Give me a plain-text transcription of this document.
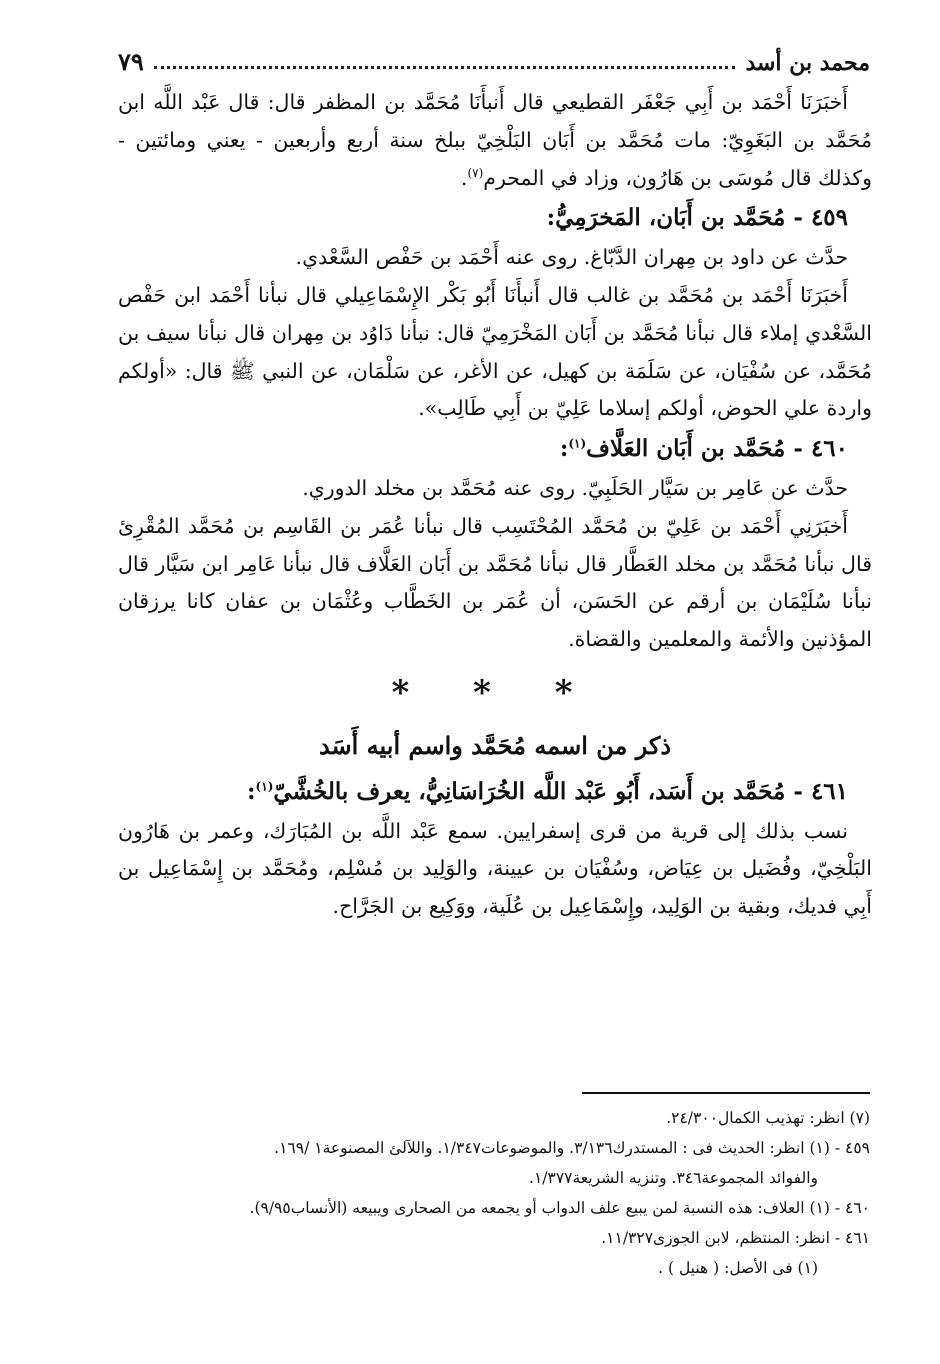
محمد بن أسد
٧٩

أَخبَرَنَا أَحْمَد بن أَبِي جَعْفَر القطيعي قال أَنبأَنَا مُحَمَّد بن المظفر قال: قال عَبْد اللَّه ابن مُحَمَّد بن البَغَوِيّ: مات مُحَمَّد بن أَبَان البَلْخِيّ ببلخ سنة أربع وأربعين - يعني ومائتين - وكذلك قال مُوسَى بن هَارُون، وزاد في المحرم$^{(٧)}$.

٤٥٩ - مُحَمَّد بن أَبَان، المَخرَمِيُّ:

حدَّث عن داود بن مِهران الدَّبّاغ. روى عنه أَحْمَد بن حَفْص السَّعْدي.

أَخبَرَنَا أَحْمَد بن مُحَمَّد بن غالب قال أَنبأَنَا أَبُو بَكْر الإِسْمَاعِيلي قال نبأنا أَحْمَد ابن حَفْص السَّعْدي إملاء قال نبأنا مُحَمَّد بن أَبَان المَخْرَمِيّ قال: نبأنا دَاوُد بن مِهران قال نبأنا سيف بن مُحَمَّد، عن سُفْيَان، عن سَلَمَة بن كهيل، عن الأغر، عن سَلْمَان، عن النبي ﷺ قال: «أولكم واردة علي الحوض، أولكم إسلاما عَلِيّ بن أَبِي طَالِب».

٤٦٠ - مُحَمَّد بن أَبَان العَلَّاف$^{(١)}$:

حدَّث عن عَامِر بن سَيَّار الحَلَبِيّ. روى عنه مُحَمَّد بن مخلد الدوري.

أَخبَرَنِي أَحْمَد بن عَلِيّ بن مُحَمَّد المُحْتَسِب قال نبأنا عُمَر بن القَاسِم بن مُحَمَّد المُقْرِئ قال نبأنا مُحَمَّد بن مخلد العَطَّار قال نبأنا مُحَمَّد بن أَبَان العَلَّاف قال نبأنا عَامِر ابن سَيَّار قال نبأنا سُلَيْمَان بن أرقم عن الحَسَن، أن عُمَر بن الخَطَّاب وعُثْمَان بن عفان كانا يرزقان المؤذنين والأئمة والمعلمين والقضاة.

* * *
ذكر من اسمه مُحَمَّد واسم أبيه أَسَد

٤٦١ - مُحَمَّد بن أَسَد، أَبُو عَبْد اللَّه الخُرَاسَانِيُّ، يعرف بالخُشَّيّ$^{(١)}$:

نسب بذلك إلى قرية من قرى إسفرايين. سمع عَبْد اللَّه بن المُبَارَك، وعمر بن هَارُون البَلْخِيّ، وفُضَيل بن عِيَاض، وسُفْيَان بن عيينة، والوَلِيد بن مُسْلِم، ومُحَمَّد بن إِسْمَاعِيل بن أَبِي فديك، وبقية بن الوَلِيد، وإِسْمَاعِيل بن عُلَية، ووَكِيع بن الجَرَّاح.

(٧) انظر: تهذيب الكمال٢٤/٣٠٠.

٤٥٩ - (١) انظر: الحديث فى : المستدرك٣/١٣٦. والموضوعات١/٣٤٧. واللآلئ المصنوعة١ /١٦٩.

والفوائد المجموعة٣٤٦. وتنزيه الشريعة١/٣٧٧.

٤٦٠ - (١) العلاف: هذه النسبة لمن يبيع علف الدواب أو يجمعه من الصحارى ويبيعه (الأنساب٩/٩٥).

٤٦١ - انظر: المنتظم، لابن الجوزى١١/٣٢٧.

(١) فى الأصل: ( هنيل ) .
